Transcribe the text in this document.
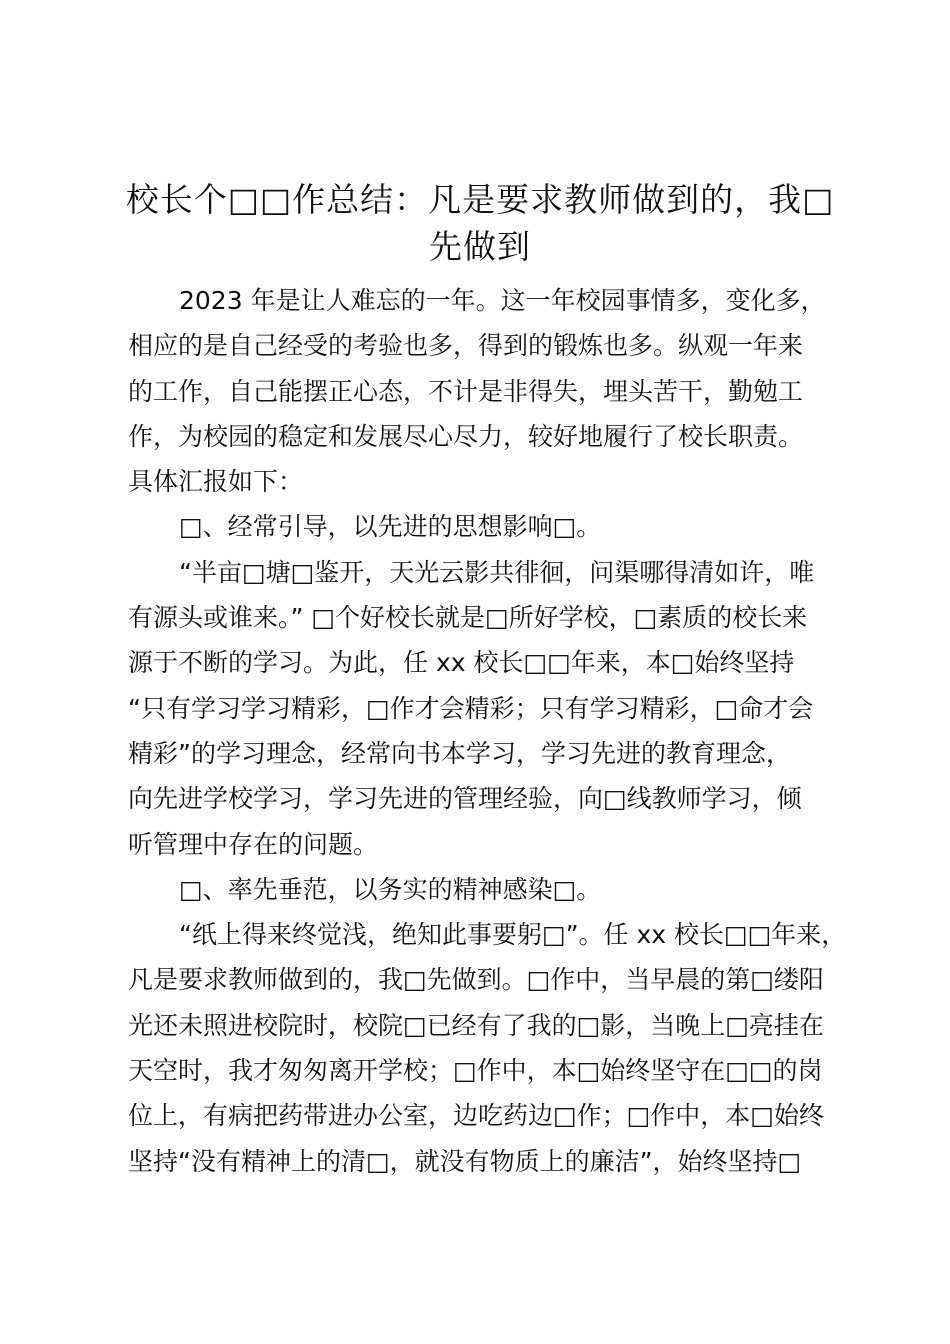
校长个□□作总结：凡是要求教师做到的，我□
先做到
2023 年是让人难忘的一年。这一年校园事情多，变化多，
相应的是自己经受的考验也多，得到的锻炼也多。纵观一年来
的工作，自己能摆正心态，不计是非得失，埋头苦干，勤勉工
作，为校园的稳定和发展尽心尽力，较好地履行了校长职责。
具体汇报如下：
□、经常引导，以先进的思想影响□。
“半亩□塘□鉴开，天光云影共徘徊，问渠哪得清如许，唯
有源头或谁来。” □个好校长就是□所好学校，□素质的校长来
源于不断的学习。为此，任 xx 校长□□年来，本□始终坚持
“只有学习学习精彩，□作才会精彩；只有学习精彩，□命才会
精彩”的学习理念，经常向书本学习，学习先进的教育理念，
向先进学校学习，学习先进的管理经验，向□线教师学习，倾
听管理中存在的问题。
□、率先垂范，以务实的精神感染□。
“纸上得来终觉浅，绝知此事要躬□”。任 xx 校长□□年来，
凡是要求教师做到的，我□先做到。□作中，当早晨的第□缕阳
光还未照进校院时，校院□已经有了我的□影，当晚上□亮挂在
天空时，我才匆匆离开学校；□作中，本□始终坚守在□□的岗
位上，有病把药带进办公室，边吃药边□作；□作中，本□始终
坚持“没有精神上的清□，就没有物质上的廉洁”，始终坚持□
